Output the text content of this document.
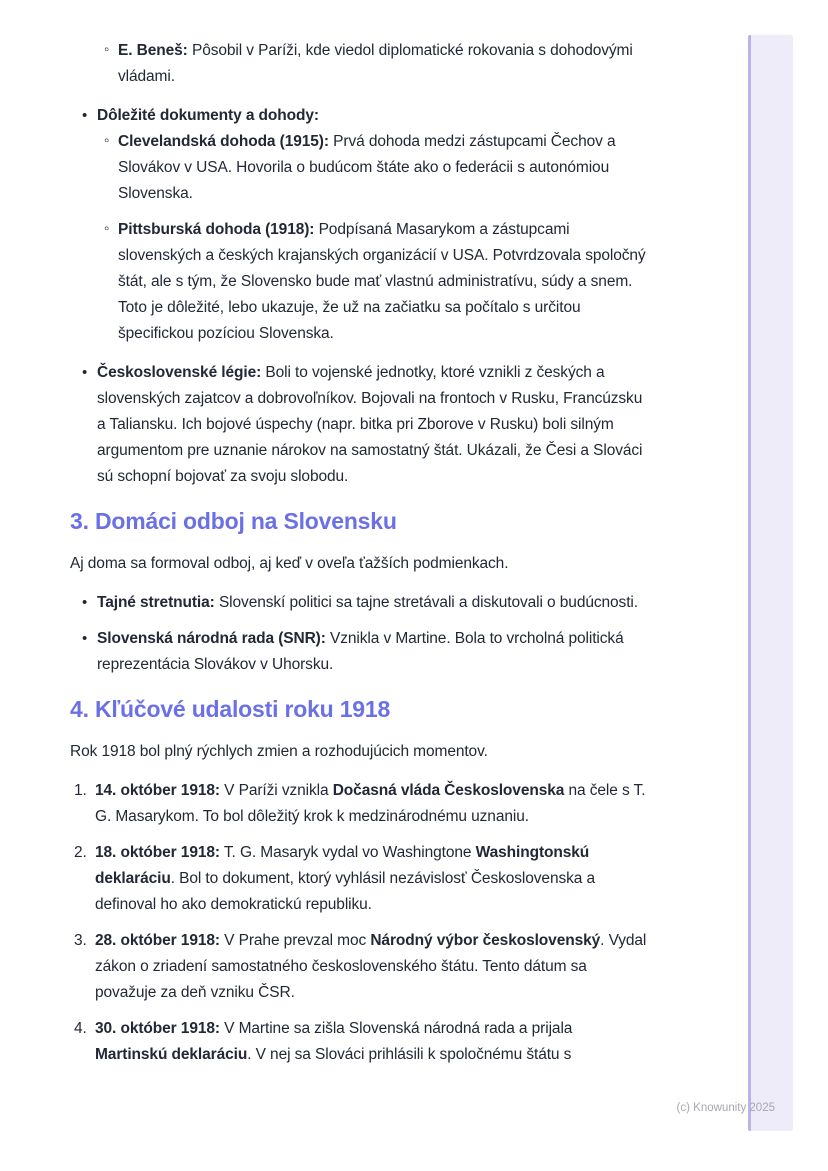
◦ E. Beneš: Pôsobil v Paríži, kde viedol diplomatické rokovania s dohodovými vládami.
• Dôležité dokumenty a dohody:
◦ Clevelandská dohoda (1915): Prvá dohoda medzi zástupcami Čechov a Slovákov v USA. Hovorila o budúcom štáte ako o federácii s autonómiou Slovenska.
◦ Pittsburská dohoda (1918): Podpísaná Masarykom a zástupcami slovenských a českých krajanských organizácií v USA. Potvrdzovala spoločný štát, ale s tým, že Slovensko bude mať vlastnú administratívu, súdy a snem. Toto je dôležité, lebo ukazuje, že už na začiatku sa počítalo s určitou špecifickou pozíciou Slovenska.
• Československé légie: Boli to vojenské jednotky, ktoré vznikli z českých a slovenských zajatcov a dobrovoľníkov. Bojovali na frontoch v Rusku, Francúzsku a Taliansku. Ich bojové úspechy (napr. bitka pri Zborove v Rusku) boli silným argumentom pre uznanie nárokov na samostatný štát. Ukázali, že Česi a Slováci sú schopní bojovať za svoju slobodu.
3. Domáci odboj na Slovensku

Aj doma sa formoval odboj, aj keď v oveľa ťažších podmienkach.

• Tajné stretnutia: Slovenskí politici sa tajne stretávali a diskutovali o budúcnosti.
• Slovenská národná rada (SNR): Vznikla v Martine. Bola to vrcholná politická reprezentácia Slovákov v Uhorsku.
4. Kľúčové udalosti roku 1918

Rok 1918 bol plný rýchlych zmien a rozhodujúcich momentov.

1. 14. október 1918: V Paríži vznikla Dočasná vláda Československa na čele s T. G. Masarykom. To bol dôležitý krok k medzinárodnému uznaniu.
2. 18. október 1918: T. G. Masaryk vydal vo Washingtone Washingtonskú deklaráciu. Bol to dokument, ktorý vyhlásil nezávislosť Československa a definoval ho ako demokratickú republiku.
3. 28. október 1918: V Prahe prevzal moc Národný výbor československý. Vydal zákon o zriadení samostatného československého štátu. Tento dátum sa považuje za deň vzniku ČSR.
4. 30. október 1918: V Martine sa zišla Slovenská národná rada a prijala Martinskú deklaráciu. V nej sa Slováci prihlásili k spoločnému štátu s
(c) Knowunity 2025
